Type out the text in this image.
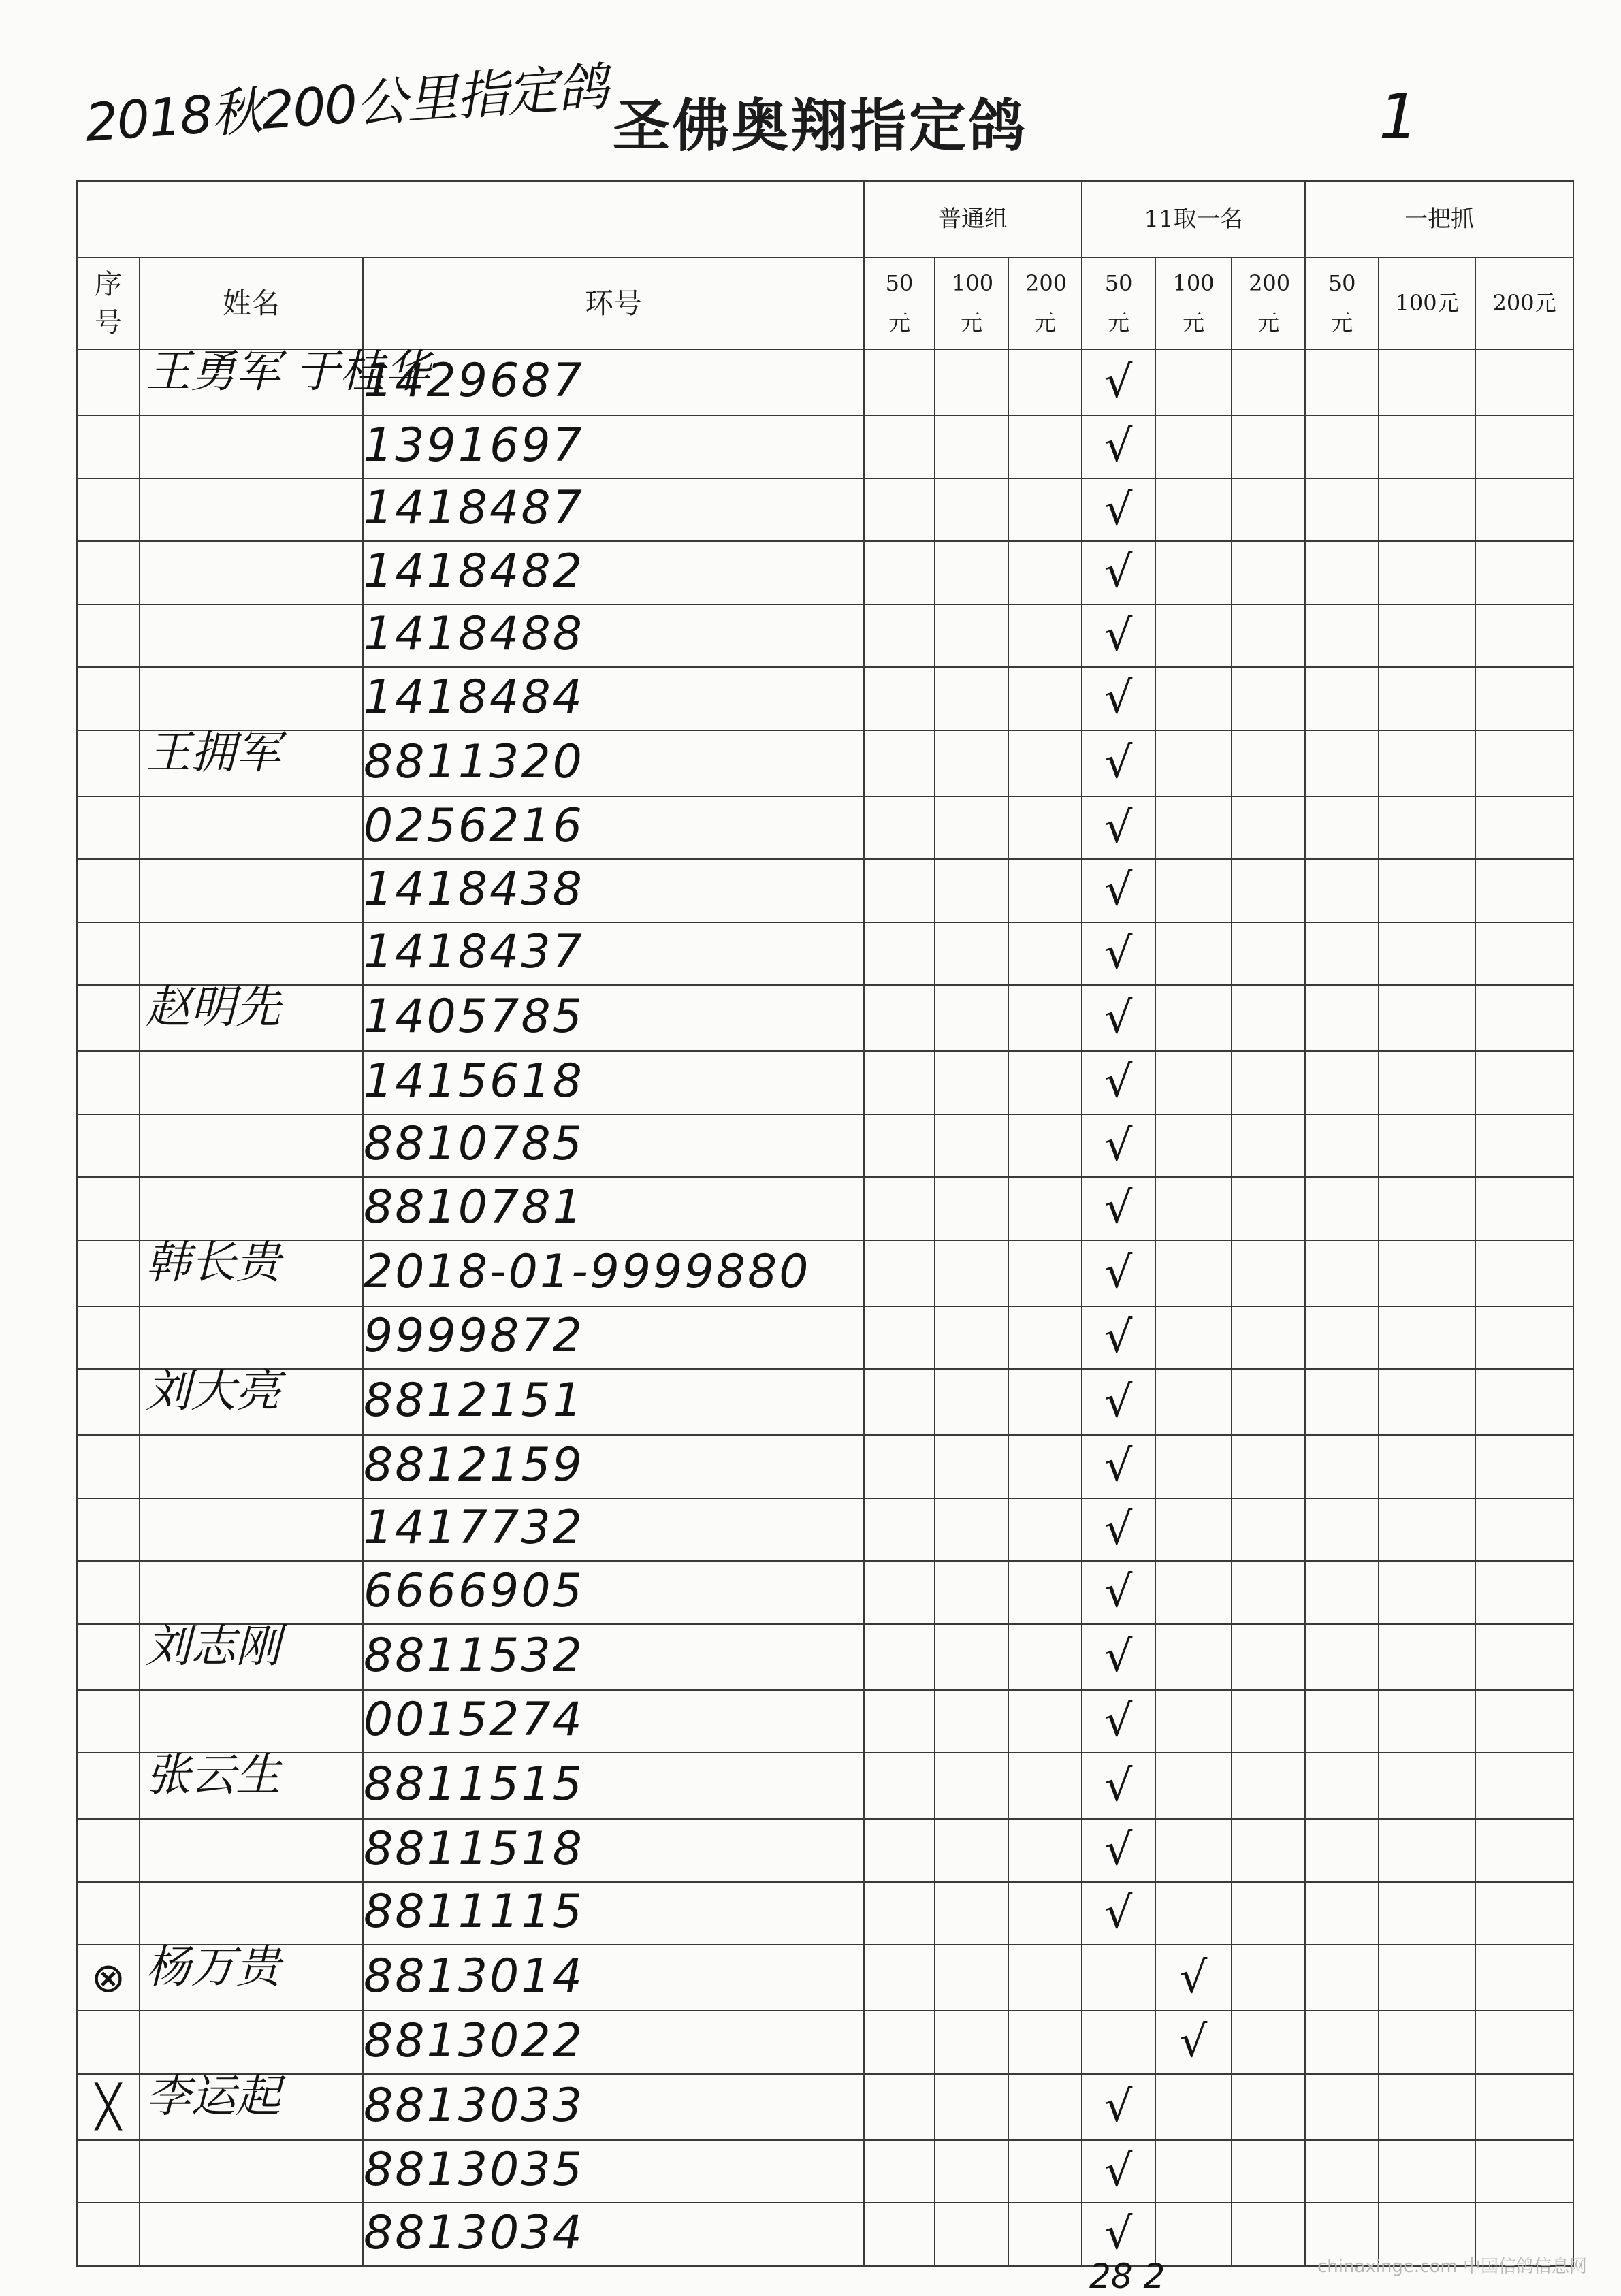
2018秋200公里指定鸽 圣佛奥翔指定鸽	1
			普通组			11取一名			一把抓		
序号	姓名	环号	50元	100元	200元	50元	100元	200元	50元	100元	200元
	王勇军 于桂华	1429687				√					
		1391697				√					
		1418487				√					
		1418482				√					
		1418488				√					
		1418484				√					
	王拥军	8811320				√					
		0256216				√					
		1418438				√					
		1418437				√					
	赵明先	1405785				√					
		1415618				√					
		8810785				√					
		8810781				√					
	韩长贵	2018-01-9999880				√					
		9999872				√					
	刘大亮	8812151				√					
		8812159				√					
		1417732				√					
		6666905				√					
	刘志刚	8811532				√					
		0015274				√					
	张云生	8811515				√					
		8811518				√					
		8811115				√					
⊗	杨万贵	8813014					√				
		8813022					√				
╳	李运起	8813033				√					
		8813035				√					
		8813034				√					
28 2	chinaxinge.com 中国信鸽信息网
